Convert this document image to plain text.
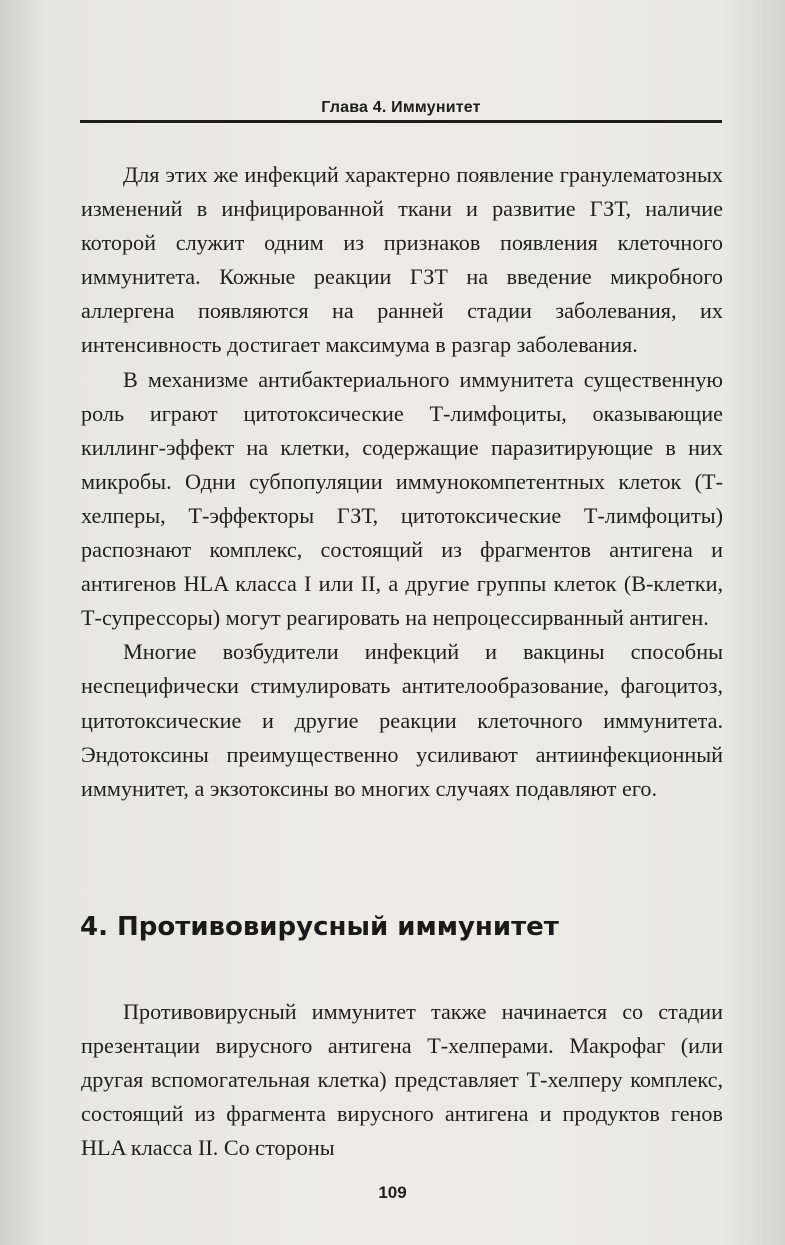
Глава 4. Иммунитет

Для этих же инфекций характерно появление гранулематозных изменений в инфицированной ткани и развитие ГЗТ, наличие которой служит одним из признаков появления клеточного иммунитета. Кожные реакции ГЗТ на введение микробного аллергена появляются на ранней стадии заболевания, их интенсивность достигает максимума в разгар заболевания.

В механизме антибактериального иммунитета существенную роль играют цитотоксические Т-лимфоциты, оказывающие киллинг-эффект на клетки, содержащие паразитирующие в них микробы. Одни субпопуляции иммунокомпетентных клеток (Т-хелперы, Т-эффекторы ГЗТ, цитотоксические Т-лимфоциты) распознают комплекс, состоящий из фрагментов антигена и антигенов HLA класса I или II, а другие группы клеток (В-клетки, Т-супрессоры) могут реагировать на непроцессирванный антиген.

Многие возбудители инфекций и вакцины способны неспецифически стимулировать антителообразование, фагоцитоз, цитотоксические и другие реакции клеточного иммунитета. Эндотоксины преимущественно усиливают антиинфекционный иммунитет, а экзотоксины во многих случаях подавляют его.

4. Противовирусный иммунитет

Противовирусный иммунитет также начинается со стадии презентации вирусного антигена Т-хелперами. Макрофаг (или другая вспомогательная клетка) представляет Т-хелперу комплекс, состоящий из фрагмента вирусного антигена и продуктов генов HLA класса II. Со стороны

109
